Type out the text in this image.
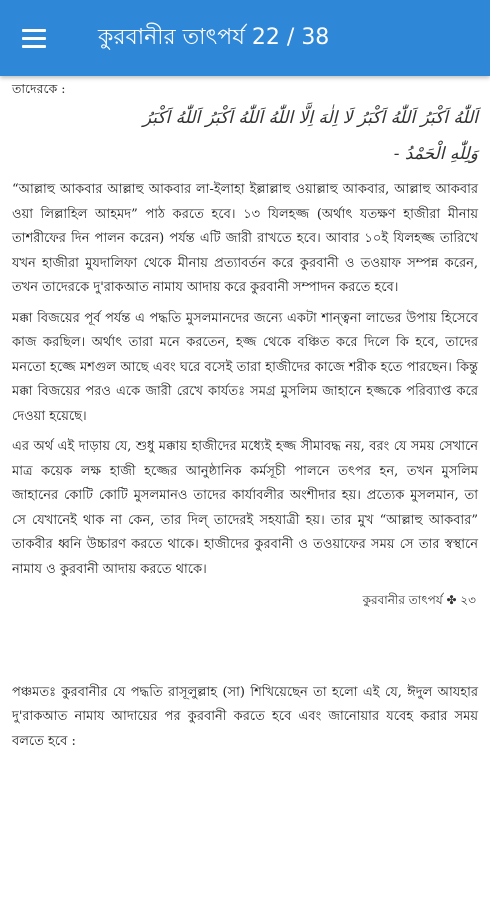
কুরবানীর তাৎপর্য 22 / 38

তাদেরকে :

اَللّٰهُ اَكْبَرُ اَللّٰهُ اَكْبَرُ لَا اِلٰهَ اِلَّا اللّٰهُ اَللّٰهُ اَكْبَرُ اَللّٰهُ اَكْبَرُ
وَلِلّٰهِ الْحَمْدُ -

“আল্লাহু আকবার আল্লাহু আকবার লা-ইলাহা ইল্লাল্লাহু ওয়াল্লাহু আকবার, আল্লাহু আকবার ওয়া লিল্লাহিল আহমদ” পাঠ করতে হবে। ১৩ যিলহজ্জ (অর্থাৎ যতক্ষণ হাজীরা মীনায় তাশরীফের দিন পালন করেন) পর্যন্ত এটি জারী রাখতে হবে। আবার ১০ই যিলহজ্জ তারিখে যখন হাজীরা মুযদালিফা থেকে মীনায় প্রত্যাবর্তন করে কুরবানী ও তওয়াফ সম্পন্ন করেন, তখন তাদেরকে দু'রাকআত নামায আদায় করে কুরবানী সম্পাদন করতে হবে।

মক্কা বিজয়ের পূর্ব পর্যন্ত এ পদ্ধতি মুসলমানদের জন্যে একটা শান্ত্বনা লাভের উপায় হিসেবে কাজ করছিল। অর্থাৎ তারা মনে করতেন, হজ্জ থেকে বঞ্চিত করে দিলে কি হবে, তাদের মনতো হজ্জে মশগুল আছে এবং ঘরে বসেই তারা হাজীদের কাজে শরীক হতে পারছেন। কিন্তু মক্কা বিজয়ের পরও একে জারী রেখে কার্যতঃ সমগ্র মুসলিম জাহানে হজ্জকে পরিব্যাপ্ত করে দেওয়া হয়েছে।

এর অর্থ এই দাড়ায় যে, শুধু মক্কায় হাজীদের মধ্যেই হজ্জ সীমাবদ্ধ নয়, বরং যে সময় সেখানে মাত্র কয়েক লক্ষ হাজী হজ্জের আনুষ্ঠানিক কর্মসূচী পালনে তৎপর হন, তখন মুসলিম জাহানের কোটি কোটি মুসলমানও তাদের কার্যাবলীর অংশীদার হয়। প্রত্যেক মুসলমান, তা সে যেখানেই থাক না কেন, তার দিল্ তাদেরই সহযাত্রী হয়। তার মুখ “আল্লাহু আকবার” তাকবীর ধ্বনি উচ্চারণ করতে থাকে। হাজীদের কুরবানী ও তওয়াফের সময় সে তার স্বস্থানে নামায ও কুরবানী আদায় করতে থাকে।

কুরবানীর তাৎপর্য ✤ ২৩

পঞ্চমতঃ কুরবানীর যে পদ্ধতি রাসূলুল্লাহ (সা) শিখিয়েছেন তা হলো এই যে, ঈদুল আযহার দু'রাকআত নামায আদায়ের পর কুরবানী করতে হবে এবং জানোয়ার যবেহ করার সময় বলতে হবে :
